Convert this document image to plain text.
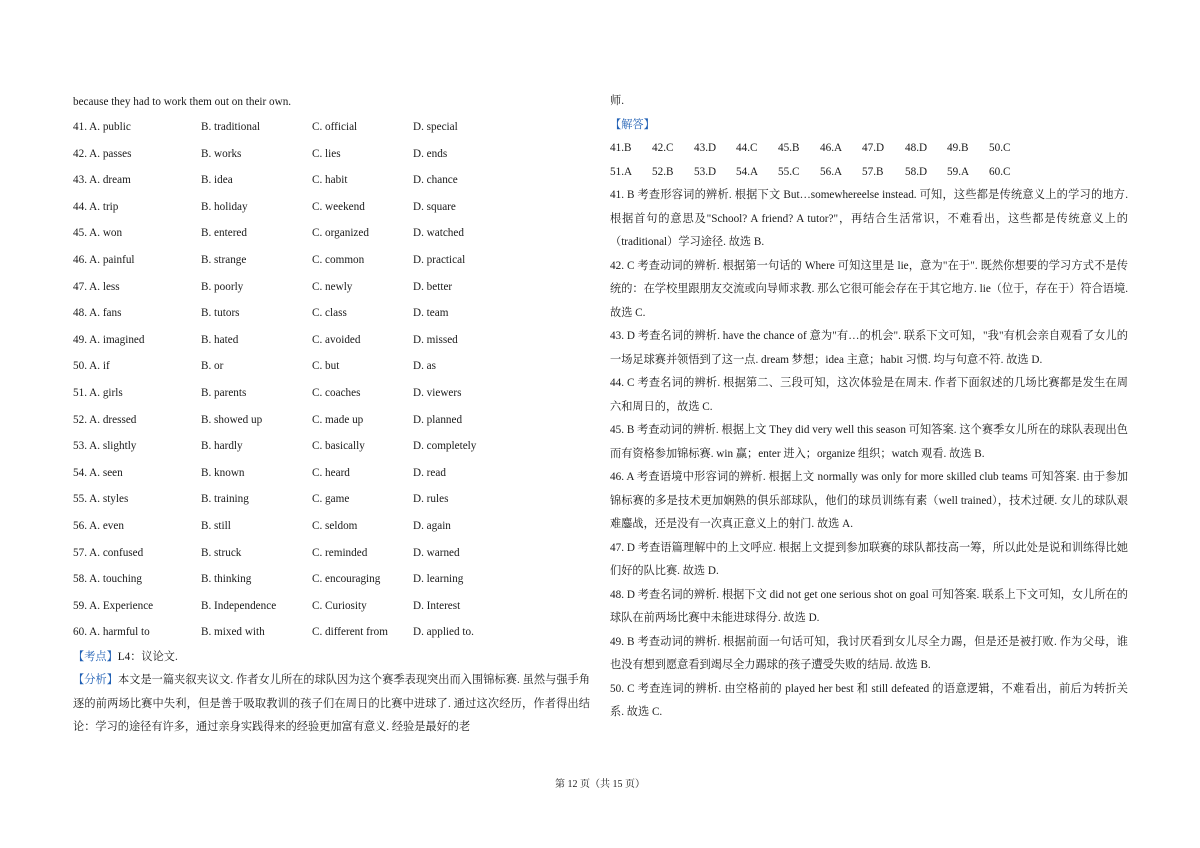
because they had to work them out on their own.
41. A. public	B. traditional	C. official	D. special
42. A. passes	B. works	C. lies	D. ends
43. A. dream	B. idea	C. habit	D. chance
44. A. trip	B. holiday	C. weekend	D. square
45. A. won	B. entered	C. organized	D. watched
46. A. painful	B. strange	C. common	D. practical
47. A. less	B. poorly	C. newly	D. better
48. A. fans	B. tutors	C. class	D. team
49. A. imagined	B. hated	C. avoided	D. missed
50. A. if	B. or	C. but	D. as
51. A. girls	B. parents	C. coaches	D. viewers
52. A. dressed	B. showed up	C. made up	D. planned
53. A. slightly	B. hardly	C. basically	D. completely
54. A. seen	B. known	C. heard	D. read
55. A. styles	B. training	C. game	D. rules
56. A. even	B. still	C. seldom	D. again
57. A. confused	B. struck	C. reminded	D. warned
58. A. touching	B. thinking	C. encouraging	D. learning
59. A. Experience	B. Independence	C. Curiosity	D. Interest
60. A. harmful to	B. mixed with	C. different from D. applied to.

【考点】L4：议论文.

【分析】本文是一篇夹叙夹议文. 作者女儿所在的球队因为这个赛季表现突出而入围锦标赛. 虽然与强手角逐的前两场比赛中失利，但是善于吸取教训的孩子们在周日的比赛中进球了. 通过这次经历，作者得出结论：学习的途径有许多，通过亲身实践得来的经验更加富有意义. 经验是最好的老

师.

【解答】

41.B 42.C 43.D 44.C 45.B 46.A 47.D 48.D 49.B 50.C
51.A 52.B 53.D 54.A 55.C 56.A 57.B 58.D 59.A 60.C

41. B 考查形容词的辨析. 根据下文 But…somewhereelse instead. 可知，这些都是传统意义上的学习的地方. 根据首句的意思及"School? A friend? A tutor?"，再结合生活常识，不难看出，这些都是传统意义上的（traditional）学习途径. 故选 B.

42. C 考查动词的辨析. 根据第一句话的 Where 可知这里是 lie，意为"在于". 既然你想要的学习方式不是传统的：在学校里跟朋友交流或向导师求教. 那么它很可能会存在于其它地方. lie（位于，存在于）符合语境. 故选 C.

43. D 考查名词的辨析. have the chance of 意为"有…的机会". 联系下文可知，"我"有机会亲自观看了女儿的一场足球赛并领悟到了这一点. dream 梦想；idea 主意；habit 习惯. 均与句意不符. 故选 D.

44. C 考查名词的辨析. 根据第二、三段可知，这次体验是在周末. 作者下面叙述的几场比赛都是发生在周六和周日的，故选 C.

45. B 考查动词的辨析. 根据上文 They did very well this season 可知答案. 这个赛季女儿所在的球队表现出色而有资格参加锦标赛. win 赢；enter 进入；organize 组织；watch 观看. 故选 B.

46. A 考查语境中形容词的辨析. 根据上文 normally was only for more skilled club teams 可知答案. 由于参加锦标赛的多是技术更加娴熟的俱乐部球队，他们的球员训练有素（well trained），技术过硬. 女儿的球队艰难鏖战，还是没有一次真正意义上的射门. 故选 A.

47. D 考查语篇理解中的上文呼应. 根据上文提到参加联赛的球队都技高一筹，所以此处是说和训练得比她们好的队比赛. 故选 D.

48. D 考查名词的辨析. 根据下文 did not get one serious shot on goal 可知答案. 联系上下文可知，女儿所在的球队在前两场比赛中未能进球得分. 故选 D.

49. B 考查动词的辨析. 根据前面一句话可知，我讨厌看到女儿尽全力踢，但是还是被打败. 作为父母，谁也没有想到愿意看到竭尽全力踢球的孩子遭受失败的结局. 故选 B.

50. C 考查连词的辨析. 由空格前的 played her best 和 still defeated 的语意逻辑，不难看出，前后为转折关系. 故选 C.

第 12 页（共 15 页）
